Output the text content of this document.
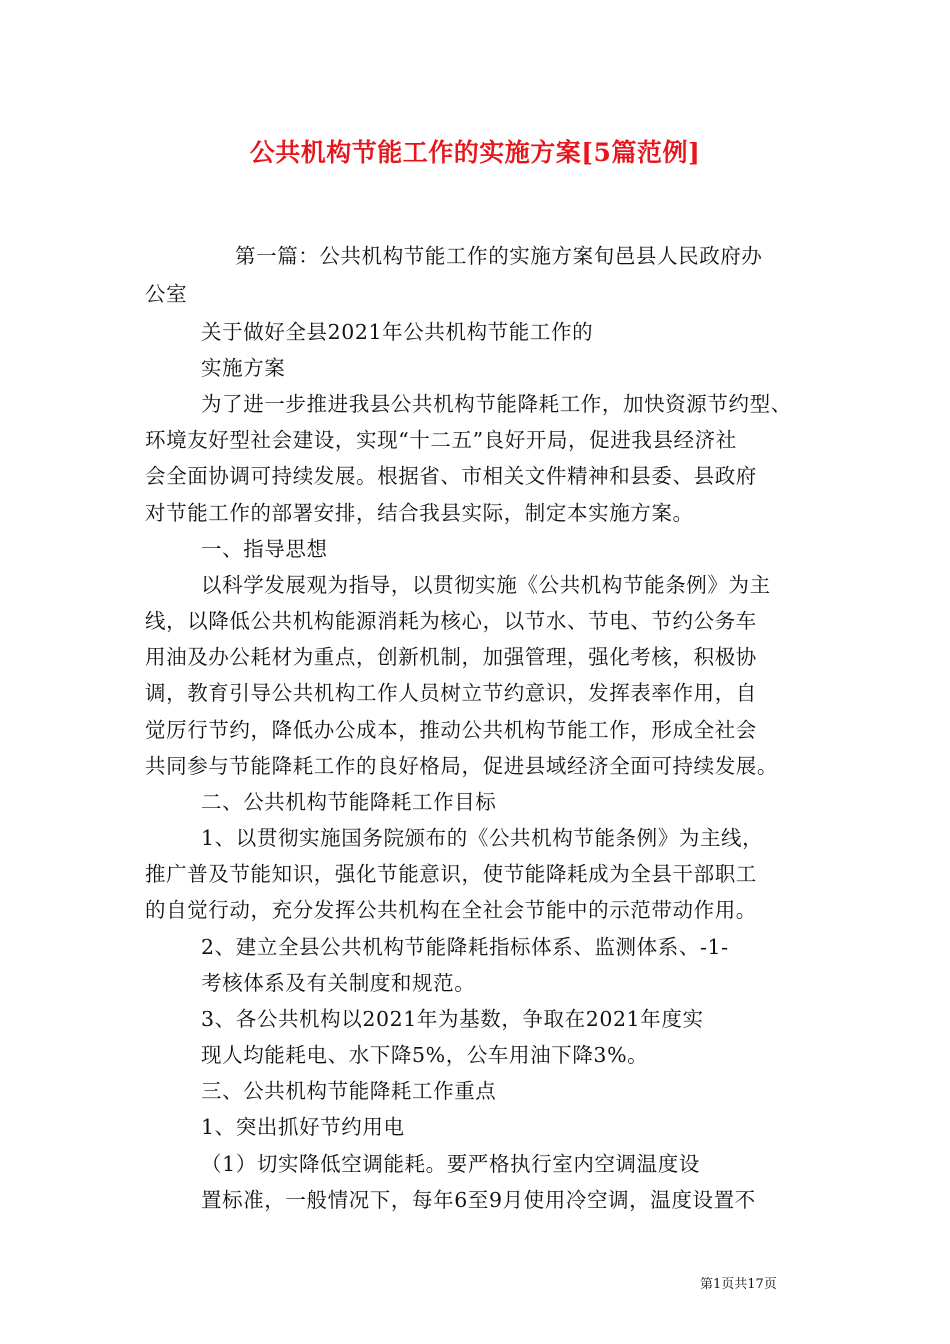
公共机构节能工作的实施方案[5篇范例]
第一篇：公共机构节能工作的实施方案旬邑县人民政府办
公室
关于做好全县2021年公共机构节能工作的
实施方案
为了进一步推进我县公共机构节能降耗工作，加快资源节约型、
环境友好型社会建设，实现“十二五”良好开局，促进我县经济社
会全面协调可持续发展。根据省、市相关文件精神和县委、县政府
对节能工作的部署安排，结合我县实际，制定本实施方案。
一、指导思想
以科学发展观为指导，以贯彻实施《公共机构节能条例》为主
线，以降低公共机构能源消耗为核心，以节水、节电、节约公务车
用油及办公耗材为重点，创新机制，加强管理，强化考核，积极协
调，教育引导公共机构工作人员树立节约意识，发挥表率作用，自
觉厉行节约，降低办公成本，推动公共机构节能工作，形成全社会
共同参与节能降耗工作的良好格局，促进县域经济全面可持续发展。
二、公共机构节能降耗工作目标
1、以贯彻实施国务院颁布的《公共机构节能条例》为主线，
推广普及节能知识，强化节能意识，使节能降耗成为全县干部职工
的自觉行动，充分发挥公共机构在全社会节能中的示范带动作用。
2、建立全县公共机构节能降耗指标体系、监测体系、-1-
考核体系及有关制度和规范。
3、各公共机构以2021年为基数，争取在2021年度实
现人均能耗电、水下降5%，公车用油下降3%。
三、公共机构节能降耗工作重点
1、突出抓好节约用电
（1）切实降低空调能耗。要严格执行室内空调温度设
置标准，一般情况下，每年6至9月使用冷空调，温度设置不
第1页共17页
